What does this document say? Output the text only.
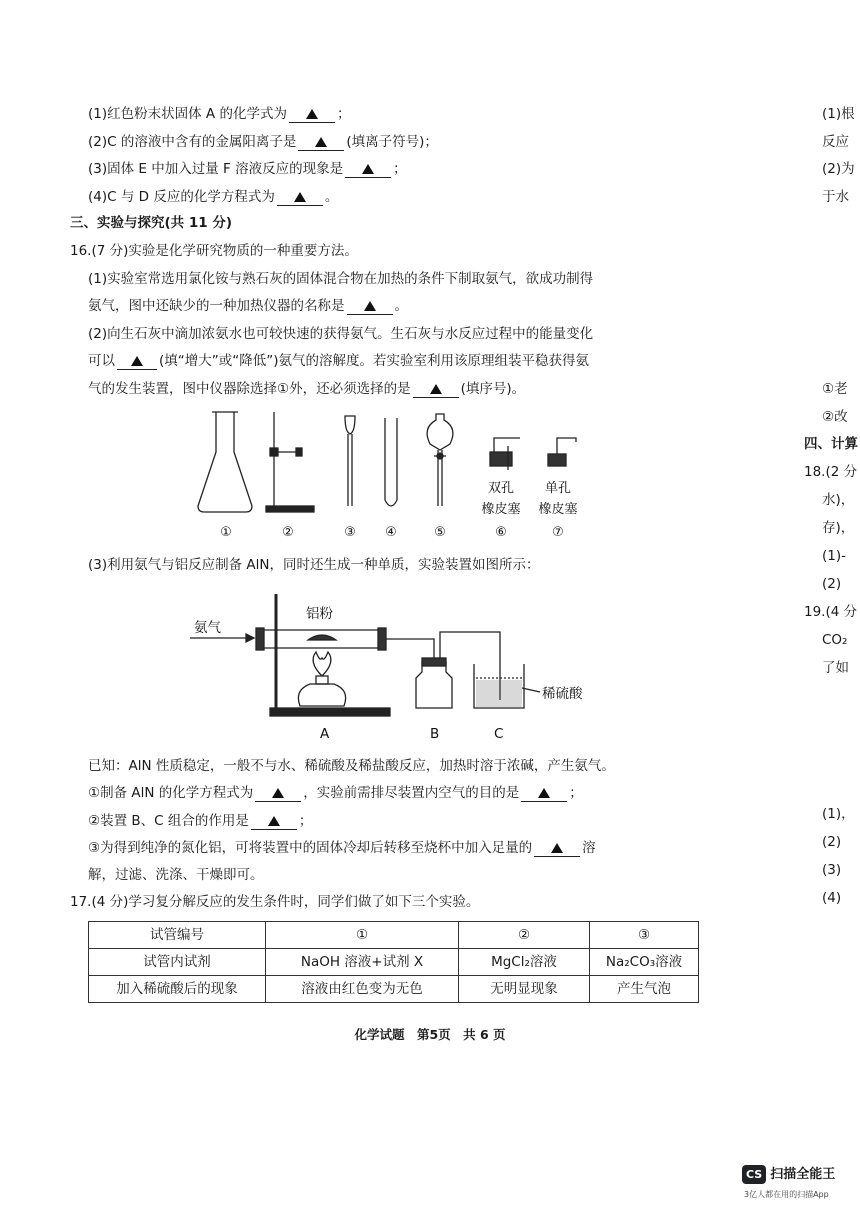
(1)红色粉末状固体 A 的化学式为	；
(2)C 的溶液中含有的金属阳离子是	(填离子符号)；
(3)固体 E 中加入过量 F 溶液反应的现象是	；
(4)C 与 D 反应的化学方程式为	。
三、实验与探究(共 11 分)
16.(7 分)实验是化学研究物质的一种重要方法。
(1)实验室常选用氯化铵与熟石灰的固体混合物在加热的条件下制取氨气，欲成功制得
氨气，图中还缺少的一种加热仪器的名称是	。
(2)向生石灰中滴加浓氨水也可较快速的获得氨气。生石灰与水反应过程中的能量变化
可以	(填“增大”或“降低”)氨气的溶解度。若实验室利用该原理组装平稳获得氨
气的发生装置，图中仪器除选择①外，还必须选择的是	(填序号)。
①	②	③ ④	⑤
双孔
橡皮塞
⑥
单孔
橡皮塞
⑦
(3)利用氨气与铝反应制备 AlN，同时还生成一种单质，实验装置如图所示：
氨气
铝粉
稀硫酸
A	B	C
已知：AlN 性质稳定，一般不与水、稀硫酸及稀盐酸反应，加热时溶于浓碱，产生氨气。
①制备 AlN 的化学方程式为	，实验前需排尽装置内空气的目的是	；
②装置 B、C 组合的作用是	；
③为得到纯净的氮化铝，可将装置中的固体冷却后转移至烧杯中加入足量的	溶
解，过滤、洗涤、干燥即可。
17.(4 分)学习复分解反应的发生条件时，同学们做了如下三个实验。
试管编号	①	②	③
试管内试剂	NaOH 溶液+试剂 X	MgCl₂溶液	Na₂CO₃溶液
加入稀硫酸后的现象	溶液由红色变为无色	无明显现象	产生气泡
化学试题　第5页　共 6 页
(1)根
反应
(2)为
于水
①老
②改
四、计算
18.(2 分
水)，
存)，
(1)-
(2)
19.(4 分
CO₂
了如
(1)，
(2)
(3)
(4)
CS 扫描全能王
3亿人都在用的扫描App
